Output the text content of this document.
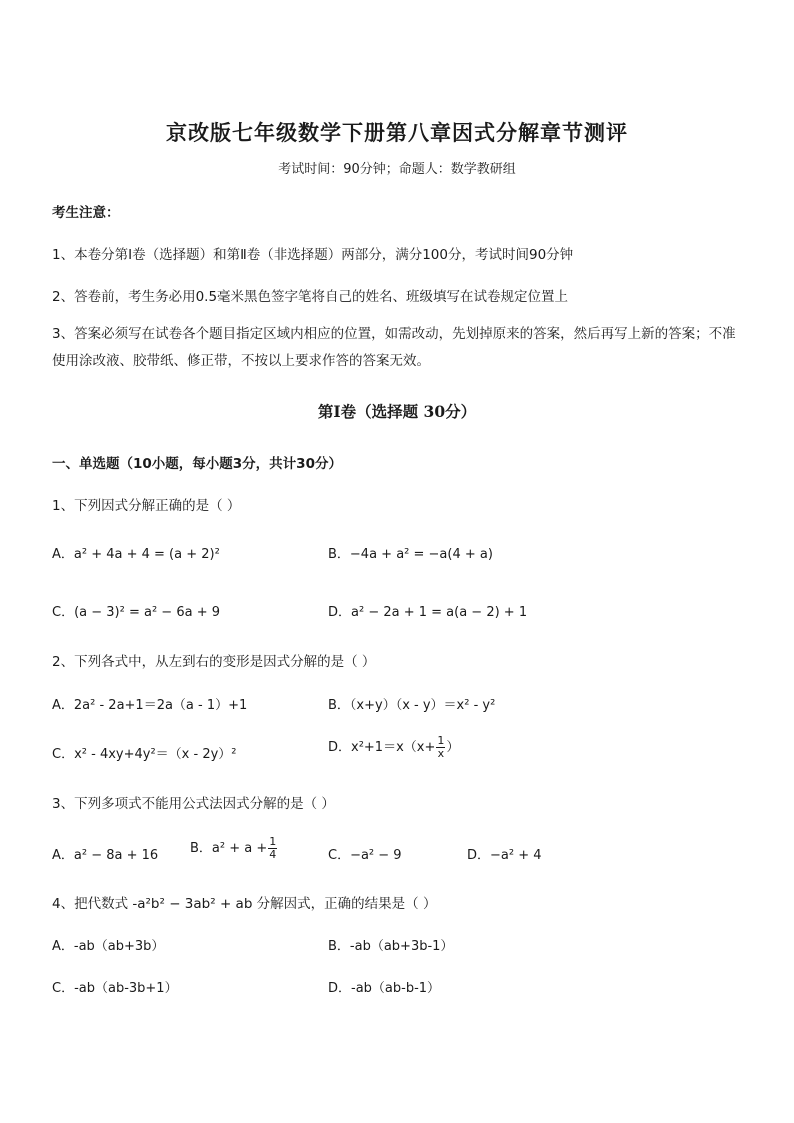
京改版七年级数学下册第八章因式分解章节测评
考试时间：90分钟；命题人：数学教研组
考生注意：
1、本卷分第Ⅰ卷（选择题）和第Ⅱ卷（非选择题）两部分，满分100分，考试时间90分钟
2、答卷前，考生务必用0.5毫米黑色签字笔将自己的姓名、班级填写在试卷规定位置上
3、答案必须写在试卷各个题目指定区域内相应的位置，如需改动，先划掉原来的答案，然后再写上新的答案；不准使用涂改液、胶带纸、修正带，不按以上要求作答的答案无效。
第Ⅰ卷（选择题 30分）
一、单选题（10小题，每小题3分，共计30分）
1、下列因式分解正确的是（ ）
A．a² + 4a + 4 = (a + 2)²	B．−4a + a² = −a(4 + a)
C．(a − 3)² = a² − 6a + 9	D．a² − 2a + 1 = a(a − 2) + 1
2、下列各式中，从左到右的变形是因式分解的是（ ）
A．2a² - 2a+1＝2a（a - 1）+1	B．（x+y）（x - y）＝x² - y²
C．x² - 4xy+4y²＝（x - 2y）²	D．$x^2+1=x(x+ \frac{1}{x}$ ）
3、下列多项式不能用公式法因式分解的是（ ）
A．a² − 8a + 16 B．$a^2 + a + \frac{1}{4}$	C．−a² − 9	D．−a² + 4
4、把代数式 -a²b² − 3ab² + ab 分解因式，正确的结果是（ ）
A．-ab（ab+3b）	B．-ab（ab+3b-1）
C．-ab（ab-3b+1）	D．-ab（ab-b-1）
